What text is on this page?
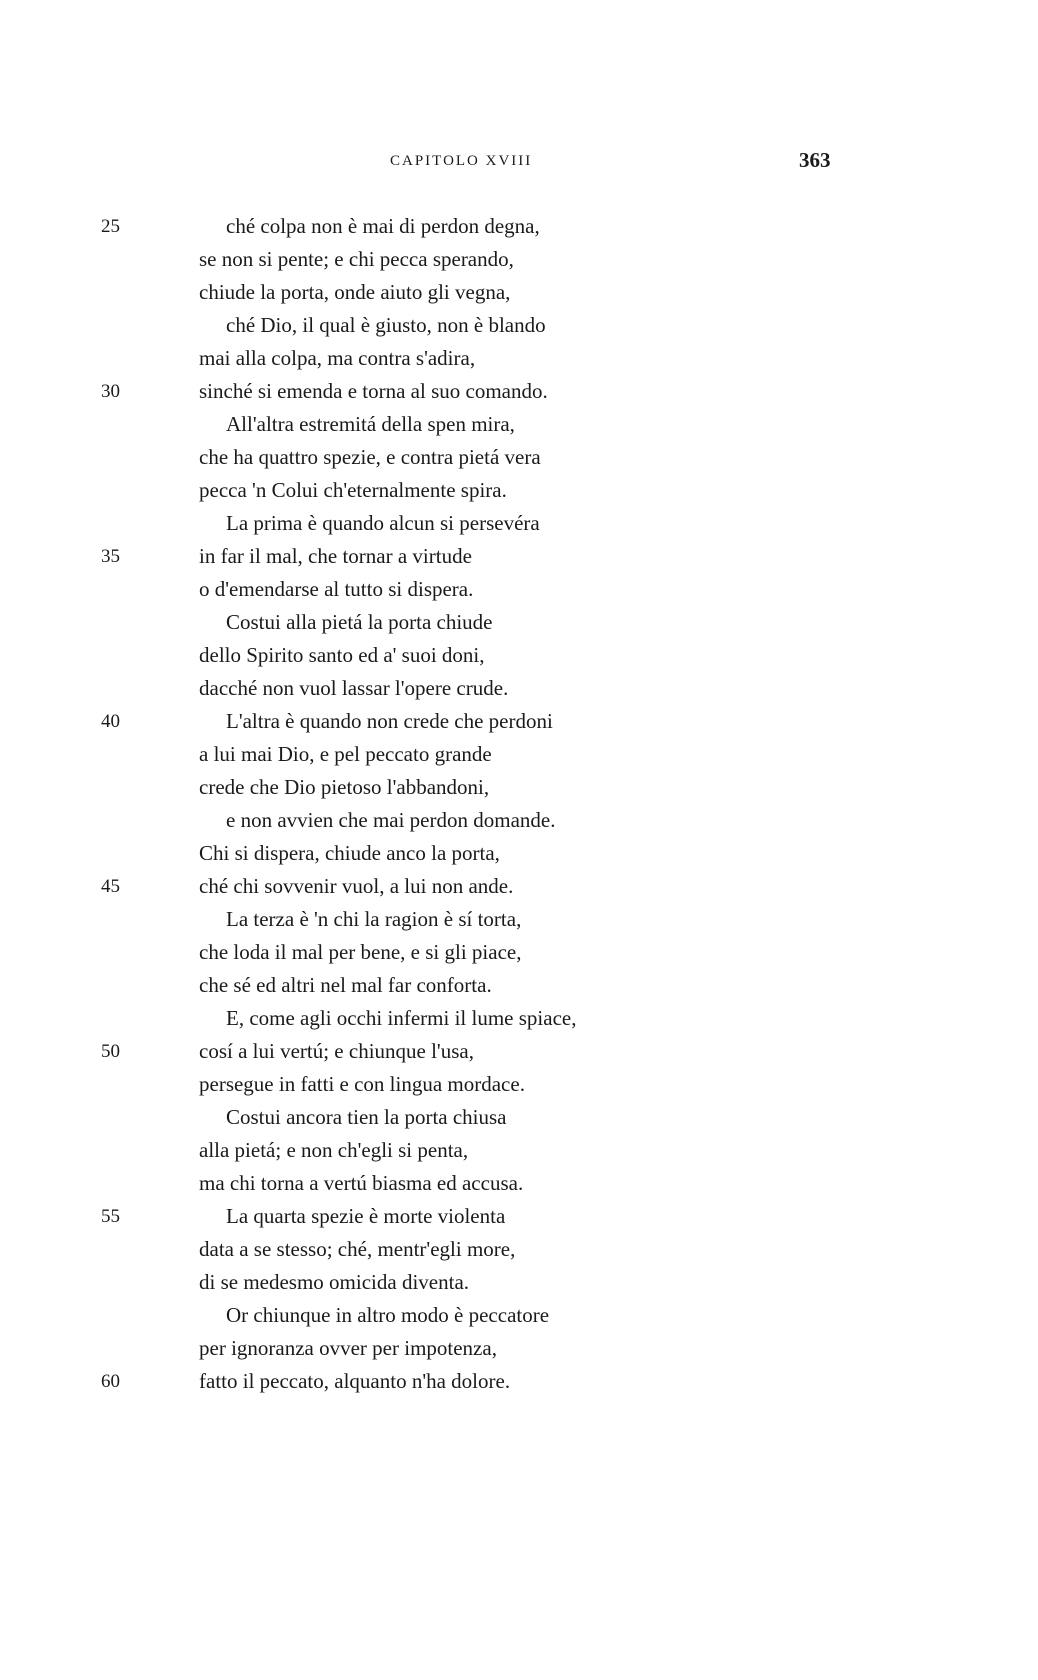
CAPITOLO XVIII	363
25	ché colpa non è mai di perdon degna,
se non si pente; e chi pecca sperando,
chiude la porta, onde aiuto gli vegna,
ché Dio, il qual è giusto, non è blando
mai alla colpa, ma contra s'adira,
30	sinché si emenda e torna al suo comando.
All'altra estremitá della spen mira,
che ha quattro spezie, e contra pietá vera
pecca 'n Colui ch'eternalmente spira.
La prima è quando alcun si persevéra
35	in far il mal, che tornar a virtude
o d'emendarse al tutto si dispera.
Costui alla pietá la porta chiude
dello Spirito santo ed a' suoi doni,
dacché non vuol lassar l'opere crude.
40	L'altra è quando non crede che perdoni
a lui mai Dio, e pel peccato grande
crede che Dio pietoso l'abbandoni,
e non avvien che mai perdon domande.
Chi si dispera, chiude anco la porta,
45	ché chi sovvenir vuol, a lui non ande.
La terza è 'n chi la ragion è sí torta,
che loda il mal per bene, e si gli piace,
che sé ed altri nel mal far conforta.
E, come agli occhi infermi il lume spiace,
50	cosí a lui vertú; e chiunque l'usa,
persegue in fatti e con lingua mordace.
Costui ancora tien la porta chiusa
alla pietá; e non ch'egli si penta,
ma chi torna a vertú biasma ed accusa.
55	La quarta spezie è morte violenta
data a se stesso; ché, mentr'egli more,
di se medesmo omicida diventa.
Or chiunque in altro modo è peccatore
per ignoranza ovver per impotenza,
60	fatto il peccato, alquanto n'ha dolore.
